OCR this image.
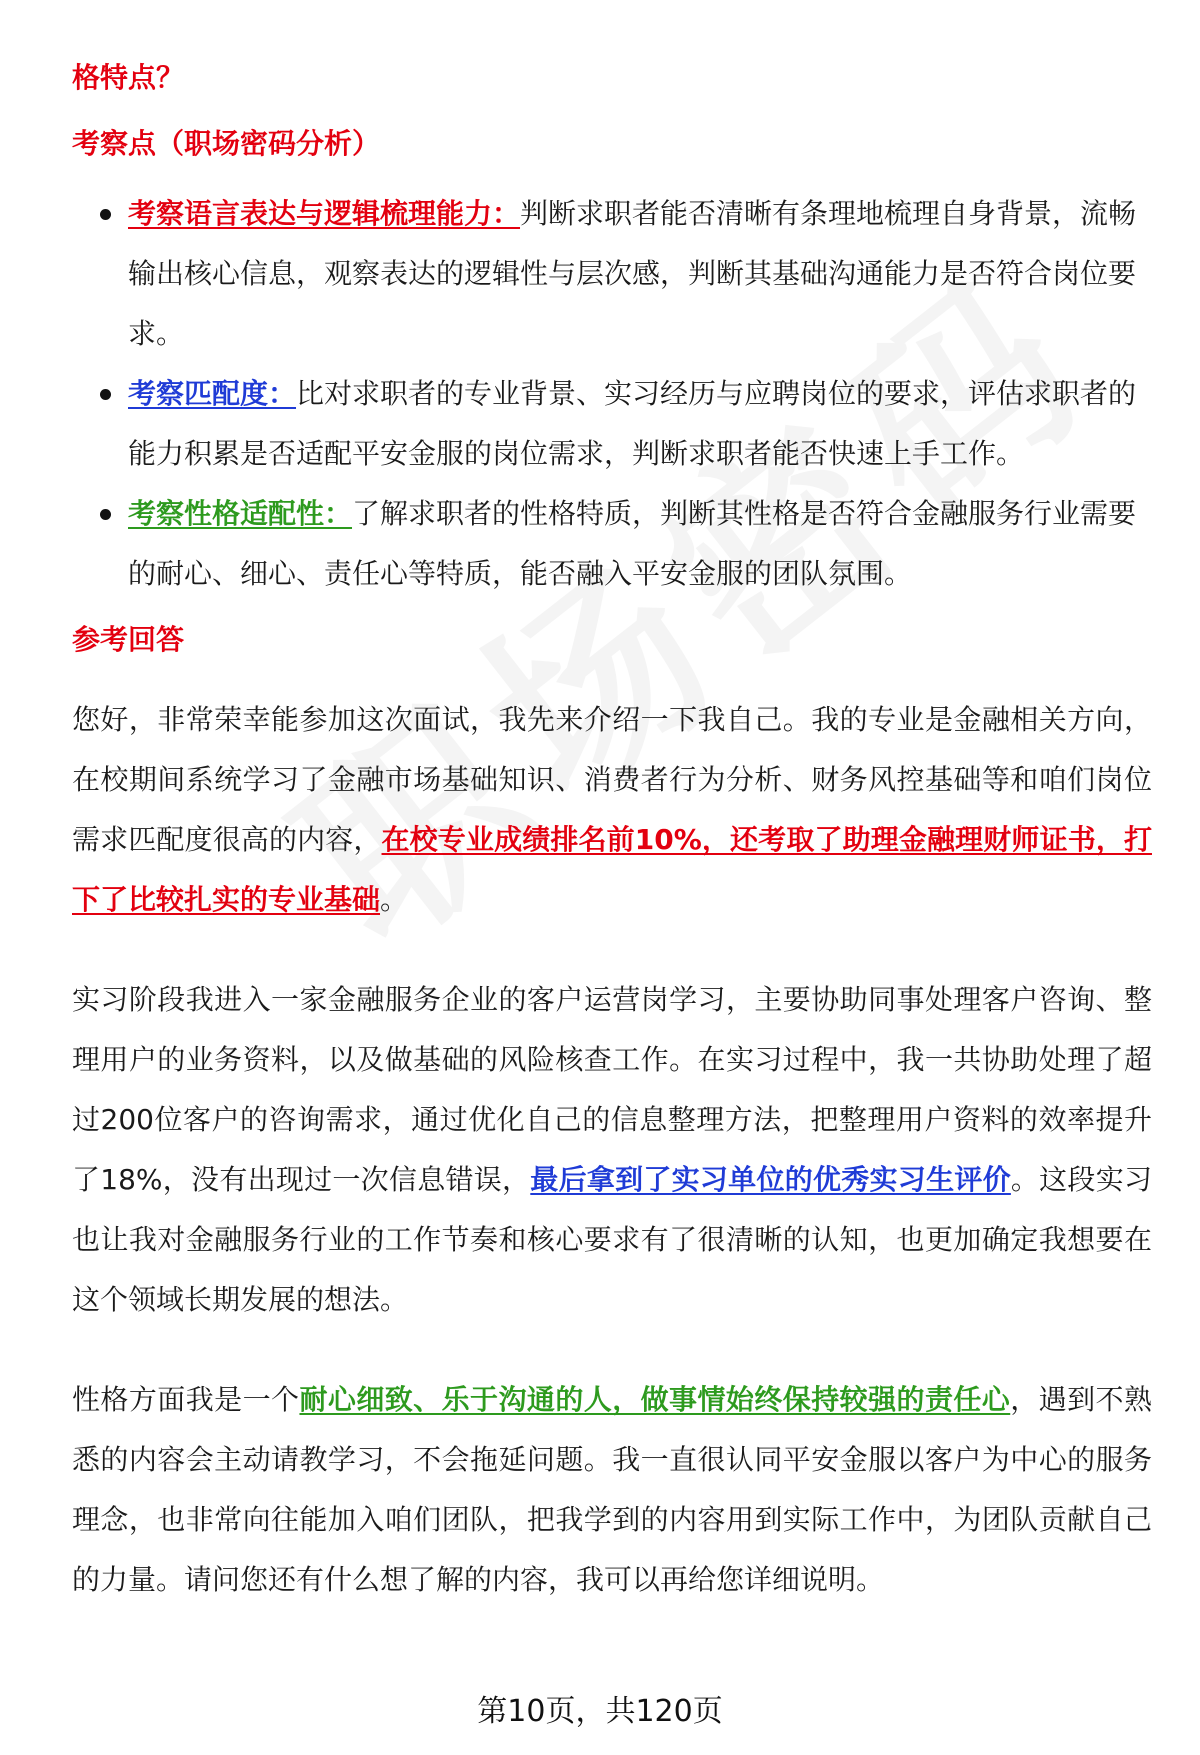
格特点？

考察点（职场密码分析）

考察语言表达与逻辑梳理能力：判断求职者能否清晰有条理地梳理自身背景，流畅输出核心信息，观察表达的逻辑性与层次感，判断其基础沟通能力是否符合岗位要求。
考察匹配度：比对求职者的专业背景、实习经历与应聘岗位的要求，评估求职者的能力积累是否适配平安金服的岗位需求，判断求职者能否快速上手工作。
考察性格适配性：了解求职者的性格特质，判断其性格是否符合金融服务行业需要的耐心、细心、责任心等特质，能否融入平安金服的团队氛围。

参考回答

您好，非常荣幸能参加这次面试，我先来介绍一下我自己。我的专业是金融相关方向，在校期间系统学习了金融市场基础知识、消费者行为分析、财务风控基础等和咱们岗位需求匹配度很高的内容，在校专业成绩排名前10%，还考取了助理金融理财师证书，打下了比较扎实的专业基础。

实习阶段我进入一家金融服务企业的客户运营岗学习，主要协助同事处理客户咨询、整理用户的业务资料，以及做基础的风险核查工作。在实习过程中，我一共协助处理了超过200位客户的咨询需求，通过优化自己的信息整理方法，把整理用户资料的效率提升了18%，没有出现过一次信息错误，最后拿到了实习单位的优秀实习生评价。这段实习也让我对金融服务行业的工作节奏和核心要求有了很清晰的认知，也更加确定我想要在这个领域长期发展的想法。

性格方面我是一个耐心细致、乐于沟通的人，做事情始终保持较强的责任心，遇到不熟悉的内容会主动请教学习，不会拖延问题。我一直很认同平安金服以客户为中心的服务理念，也非常向往能加入咱们团队，把我学到的内容用到实际工作中，为团队贡献自己的力量。请问您还有什么想了解的内容，我可以再给您详细说明。

第10页，共120页
